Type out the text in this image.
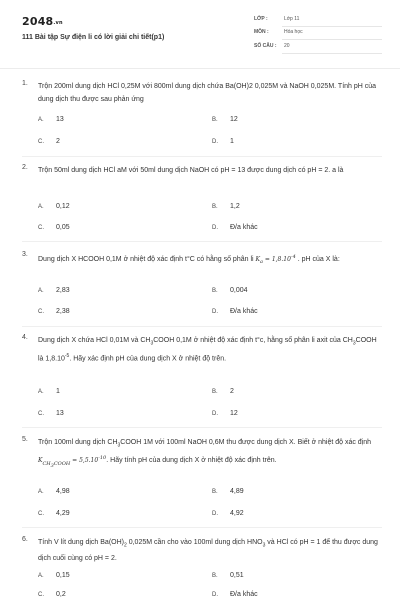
2048.vn
111 Bài tập Sự điện li có lời giải chi tiết(p1)
LỚP :	Lớp 11
MÔN :	Hóa học
SỐ CÂU : 20
1. Trộn 200ml dung dịch HCl 0,25M với 800ml dung dịch chứa Ba(OH)2 0,025M và NaOH 0,025M. Tính pH của dung dịch thu được sau phản ứng
A. 13	B. 12
C. 2	D. 1
2. Trộn 50ml dung dịch HCl aM với 50ml dung dịch NaOH có pH = 13 được dung dịch có pH = 2. a là
A. 0,12	B. 1,2
C. 0,05	D. Đ/a khác
3.
Dung dịch X HCOOH 0,1M ở nhiệt độ xác định t°C có hằng số phân li $K_a = 1,8.10^{-4}$ . pH của X là:
A. 2,83	B. 0,004
C. 2,38	D. Đ/a khác
4. Dung dịch X chứa HCl 0,01M và $CH_3COOH$ 0,1M ở nhiệt độ xác định t°c, hằng số phân li axit của $CH_3COOH$ là $1,8.10^{-5}$. Hãy xác định pH của dung dịch X ở nhiệt độ trên.
A. 1	B. 2
C. 13	D. 12
5. Trộn 100ml dung dịch $CH_3COOH$ 1M với 100ml NaOH 0,6M thu được dung dịch X. Biết ở nhiệt độ xác định $K_{CH_3COOH} = 5,5.10^{-10}$. Hãy tính pH của dung dịch X ở nhiệt độ xác định trên.
A. 4,98	B. 4,89
C. 4,29	D. 4,92
6. Tính V lít dung dịch $Ba(OH)_2$ 0,025M cần cho vào 100ml dung dịch $HNO_3$ và HCl có pH = 1 để thu được dung dịch cuối cùng có pH = 2.
A. 0,15	B. 0,51
C. 0,2	D. Đ/a khác
